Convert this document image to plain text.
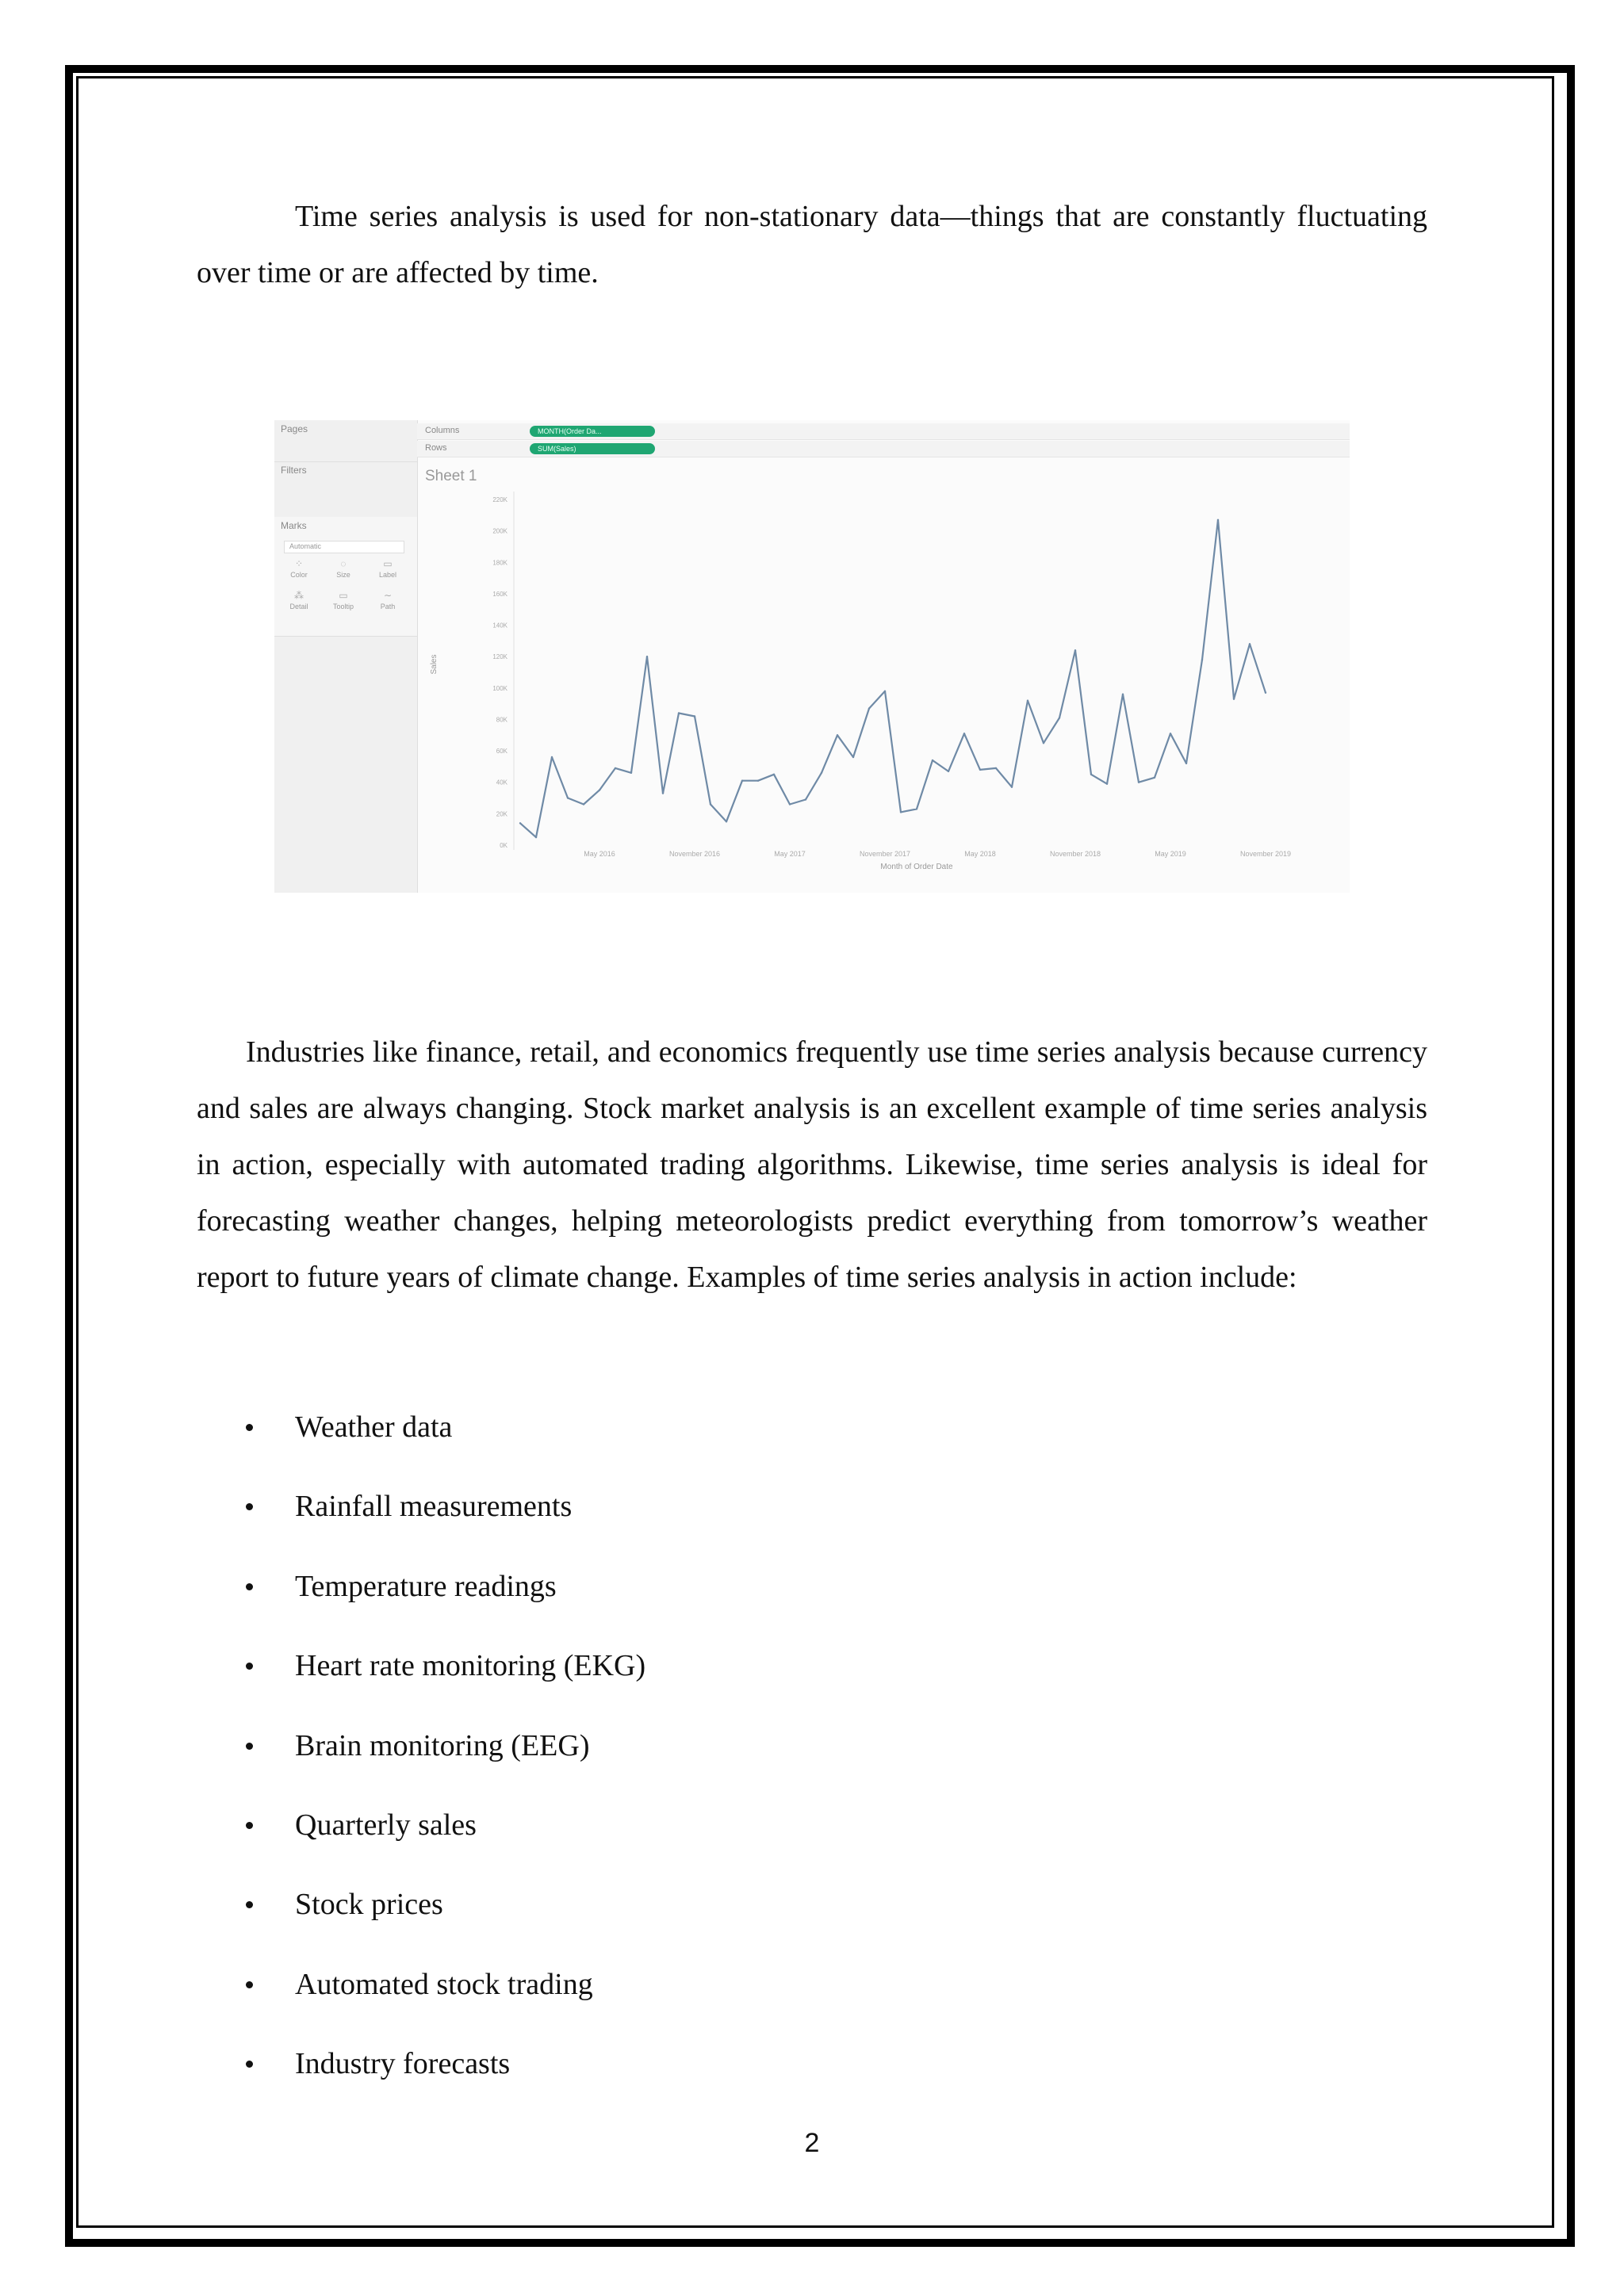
Time series analysis is used for non-stationary data—things that are constantly fluctuating over time or are affected by time.

Pages
Filters
Marks
Automatic
⁘
Color
◌
Size
▭
Label
⁂
Detail
▭
Tooltip
∼
Path
Columns	MONTH(Order Da...
Rows	SUM(Sales)
Sheet 1
0K
20K
40K
60K
80K
100K
120K
140K
160K
180K
200K
220K
May 2016	November 2016	May 2017	November 2017	May 2018	November 2018	May 2019	November 2019
Month of Order Date
Sales

Industries like finance, retail, and economics frequently use time series analysis because currency and sales are always changing. Stock market analysis is an excellent example of time series analysis in action, especially with automated trading algorithms. Likewise, time series analysis is ideal for forecasting weather changes, helping meteorologists predict everything from tomorrow’s weather report to future years of climate change. Examples of time series analysis in action include:

Weather data
Rainfall measurements
Temperature readings
Heart rate monitoring (EKG)
Brain monitoring (EEG)
Quarterly sales
Stock prices
Automated stock trading
Industry forecasts
2
